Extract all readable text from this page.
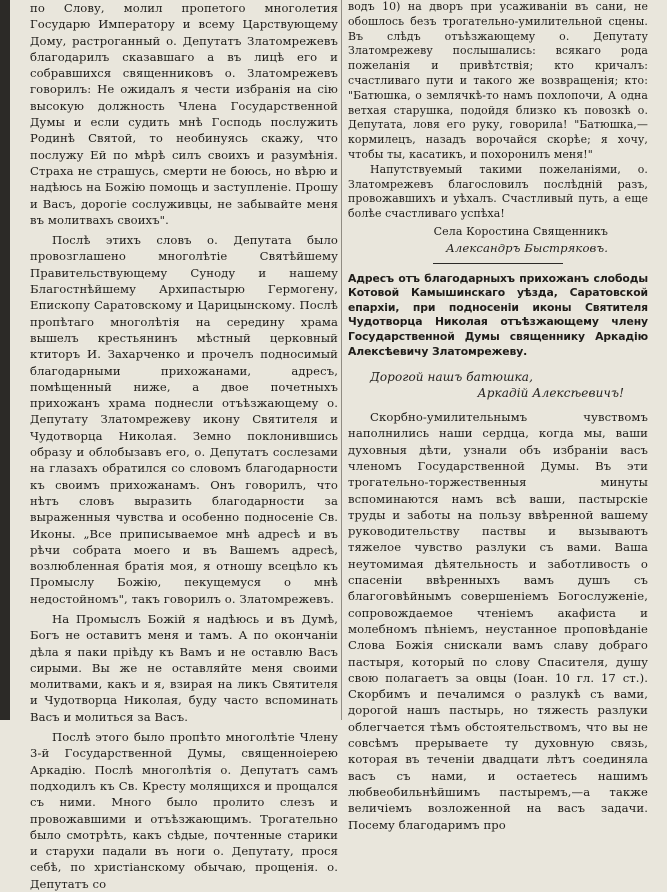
по Слову, молил пропетого многолетия Государю Императору и всему Царствующему Дому, растроганный о. Депутатъ Златомрежевъ благодарилъ сказавшаго а въ лицѣ его и собравшихся священниковъ о. Златомрежевъ говорилъ: Не ожидалъ я чести избранія на сію высокую должность Члена Государственной Думы и если судить мнѣ Господь послужить Родинѣ Святой, то необинуясь скажу, что послужу Ей по мѣрѣ силъ своихъ и разумѣнія. Страха не страшусь, смерти не боюсь, но вѣрю и надѣюсь на Божію помощь и заступленіе. Прошу и Васъ, дорогіе сослуживцы, не забывайте меня въ молитвахъ своихъ".

Послѣ этихъ словъ о. Депутата было провозглашено многолѣтіе Святѣйшему Правительствующему Суноду и нашему Благостнѣйшему Архипастырю Гермогену, Епископу Саратовскому и Царицынскому. Послѣ пропѣтаго многолѣтія на середину храма вышелъ крестьянинъ мѣстный церковный ктиторъ И. Захарченко и прочелъ подносимый благодарными прихожанами, адресъ, помѣщенный ниже, а двое почетныхъ прихожанъ храма поднесли отъѣзжающему о. Депутату Златомрежеву икону Святителя и Чудотворца Николая. Земно поклонившись образу и облобызавъ его, о. Депутатъ сослезами на глазахъ обратился со словомъ благодарности къ своимъ прихожанамъ. Онъ говорилъ, что нѣтъ словъ выразить благодарности за выраженныя чувства и особенно подносеніе Св. Иконы. „Все приписываемое мнѣ адресѣ и въ рѣчи собрата моего и въ Вашемъ адресѣ, возлюбленная братія моя, я отношу всецѣло къ Промыслу Божію, пекущемуся о мнѣ недостойномъ", такъ говорилъ о. Златомрежевъ.

На Промыслъ Божій я надѣюсь и въ Думѣ, Богъ не оставитъ меня и тамъ. А по окончаніи дѣла я паки пріѣду къ Вамъ и не оставлю Васъ сирыми. Вы же не оставляйте меня своими молитвами, какъ и я, взирая на ликъ Святителя и Чудотворца Николая, буду часто вспоминать Васъ и молиться за Васъ.

Послѣ этого было пропѣто многолѣтіе Члену 3-й Государственной Думы, священноіерею Аркадію. Послѣ многолѣтія о. Депутатъ самъ подходилъ къ Св. Кресту молящихся и прощался съ ними. Много было пролито слезъ и провожавшими и отъѣзжающимъ. Трогательно было смотрѣть, какъ сѣдые, почтенные старики и старухи падали въ ноги о. Депутату, прося себѣ, по христіанскому обычаю, прощенія. о. Депутатъ со

водъ 10) на дворъ при усаживаніи въ сани, не обошлось безъ трогательно-умилительной сцены. Въ слѣдъ отъѣзжающему о. Депутату Златомрежеву послышались: всякаго рода пожеланія и привѣтствія; кто кричалъ: счастливаго пути и такого же возвращенія; кто: "Батюшка, о землячкѣ-то намъ похлопочи, А одна ветхая старушка, подойдя близко къ повозкѣ о. Депутата, ловя его руку, говорила! "Батюшка,—кормилецъ, назадъ ворочайся скорѣе; я хочу, чтобы ты, касатикъ, и похоронилъ меня!"

Напутствуемый такими пожеланіями, о. Златомрежевъ благословилъ послѣдній разъ, провожавшихъ и уѣхалъ. Счастливый путь, а еще болѣе счастливаго успѣха!

Села Коростина Священникъ

Александръ Быстряковъ.

Адресъ отъ благодарныхъ прихожанъ слободы Котовой Камышинскаго уѣзда, Саратовской епархіи, при подносеніи иконы Святителя Чудотворца Николая отъѣзжающему члену Государственной Думы священнику Аркадію Алексѣевичу Златомрежеву.

Дорогой нашъ батюшка,

Аркадій Алексѣевичъ!

Скорбно-умилительнымъ чувствомъ наполнились наши сердца, когда мы, ваши духовныя дѣти, узнали объ избраніи васъ членомъ Государственной Думы. Въ эти трогательно-торжественныя минуты вспоминаются намъ всѣ ваши, пастырскіе труды и заботы на пользу ввѣренной вашему руководительству паствы и вызываютъ тяжелое чувство разлуки съ вами. Ваша неутомимая дѣятельность и заботливость о спасеніи ввѣренныхъ вамъ душъ съ благоговѣйнымъ совершеніемъ Богослуженіе, сопровождаемое чтеніемъ акафиста и молебномъ пѣніемъ, неустанное проповѣданіе Слова Божія снискали вамъ славу добраго пастыря, который по слову Спасителя, душу свою полагаетъ за овцы (Іоан. 10 гл. 17 ст.). Скорбимъ и печалимся о разлукѣ съ вами, дорогой нашъ пастырь, но тяжесть разлуки облегчается тѣмъ обстоятельствомъ, что вы не совсѣмъ прерываете ту духовную связь, которая въ теченіи двадцати лѣтъ соединяла васъ съ нами, и остаетесь нашимъ любвеобильнѣйшимъ пастыремъ,—а также величіемъ возложенной на васъ задачи. Посему благодаримъ про
